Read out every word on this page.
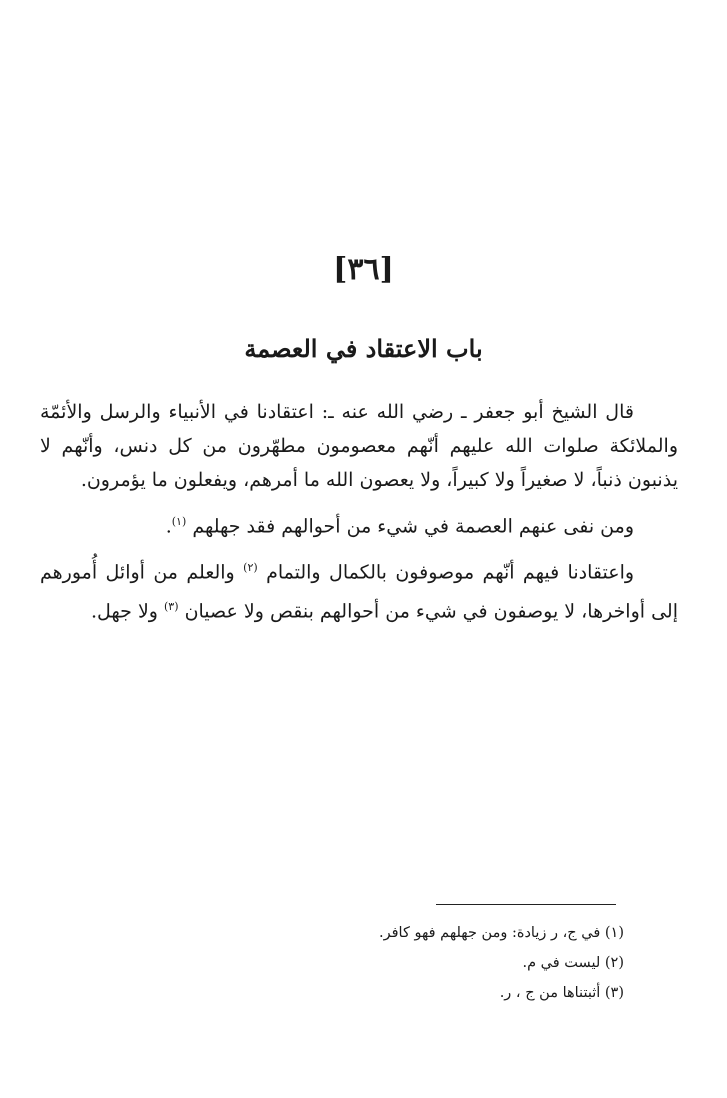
[٣٦]
باب الاعتقاد في العصمة

قال الشيخ أبو جعفر ـ رضي الله عنه ـ: اعتقادنا في الأنبياء والرسل والأئمّة والملائكة صلوات الله عليهم أنّهم معصومون مطهّرون من كل دنس، وأنّهم لا يذنبون ذنباً، لا صغيراً ولا كبيراً، ولا يعصون الله ما أمرهم، ويفعلون ما يؤمرون.

ومن نفى عنهم العصمة في شيء من أحوالهم فقد جهلهم $^{(١)}$.

واعتقادنا فيهم أنّهم موصوفون بالكمال والتمام $^{(٢)}$ والعلم من أوائل أُمورهم إلى أواخرها، لا يوصفون في شيء من أحوالهم بنقص ولا عصيان $^{(٣)}$ ولا جهل.

(١) في ج، ر زيادة: ومن جهلهم فهو كافر.
(٢) ليست في م.
(٣) أثبتناها من ج ، ر.
